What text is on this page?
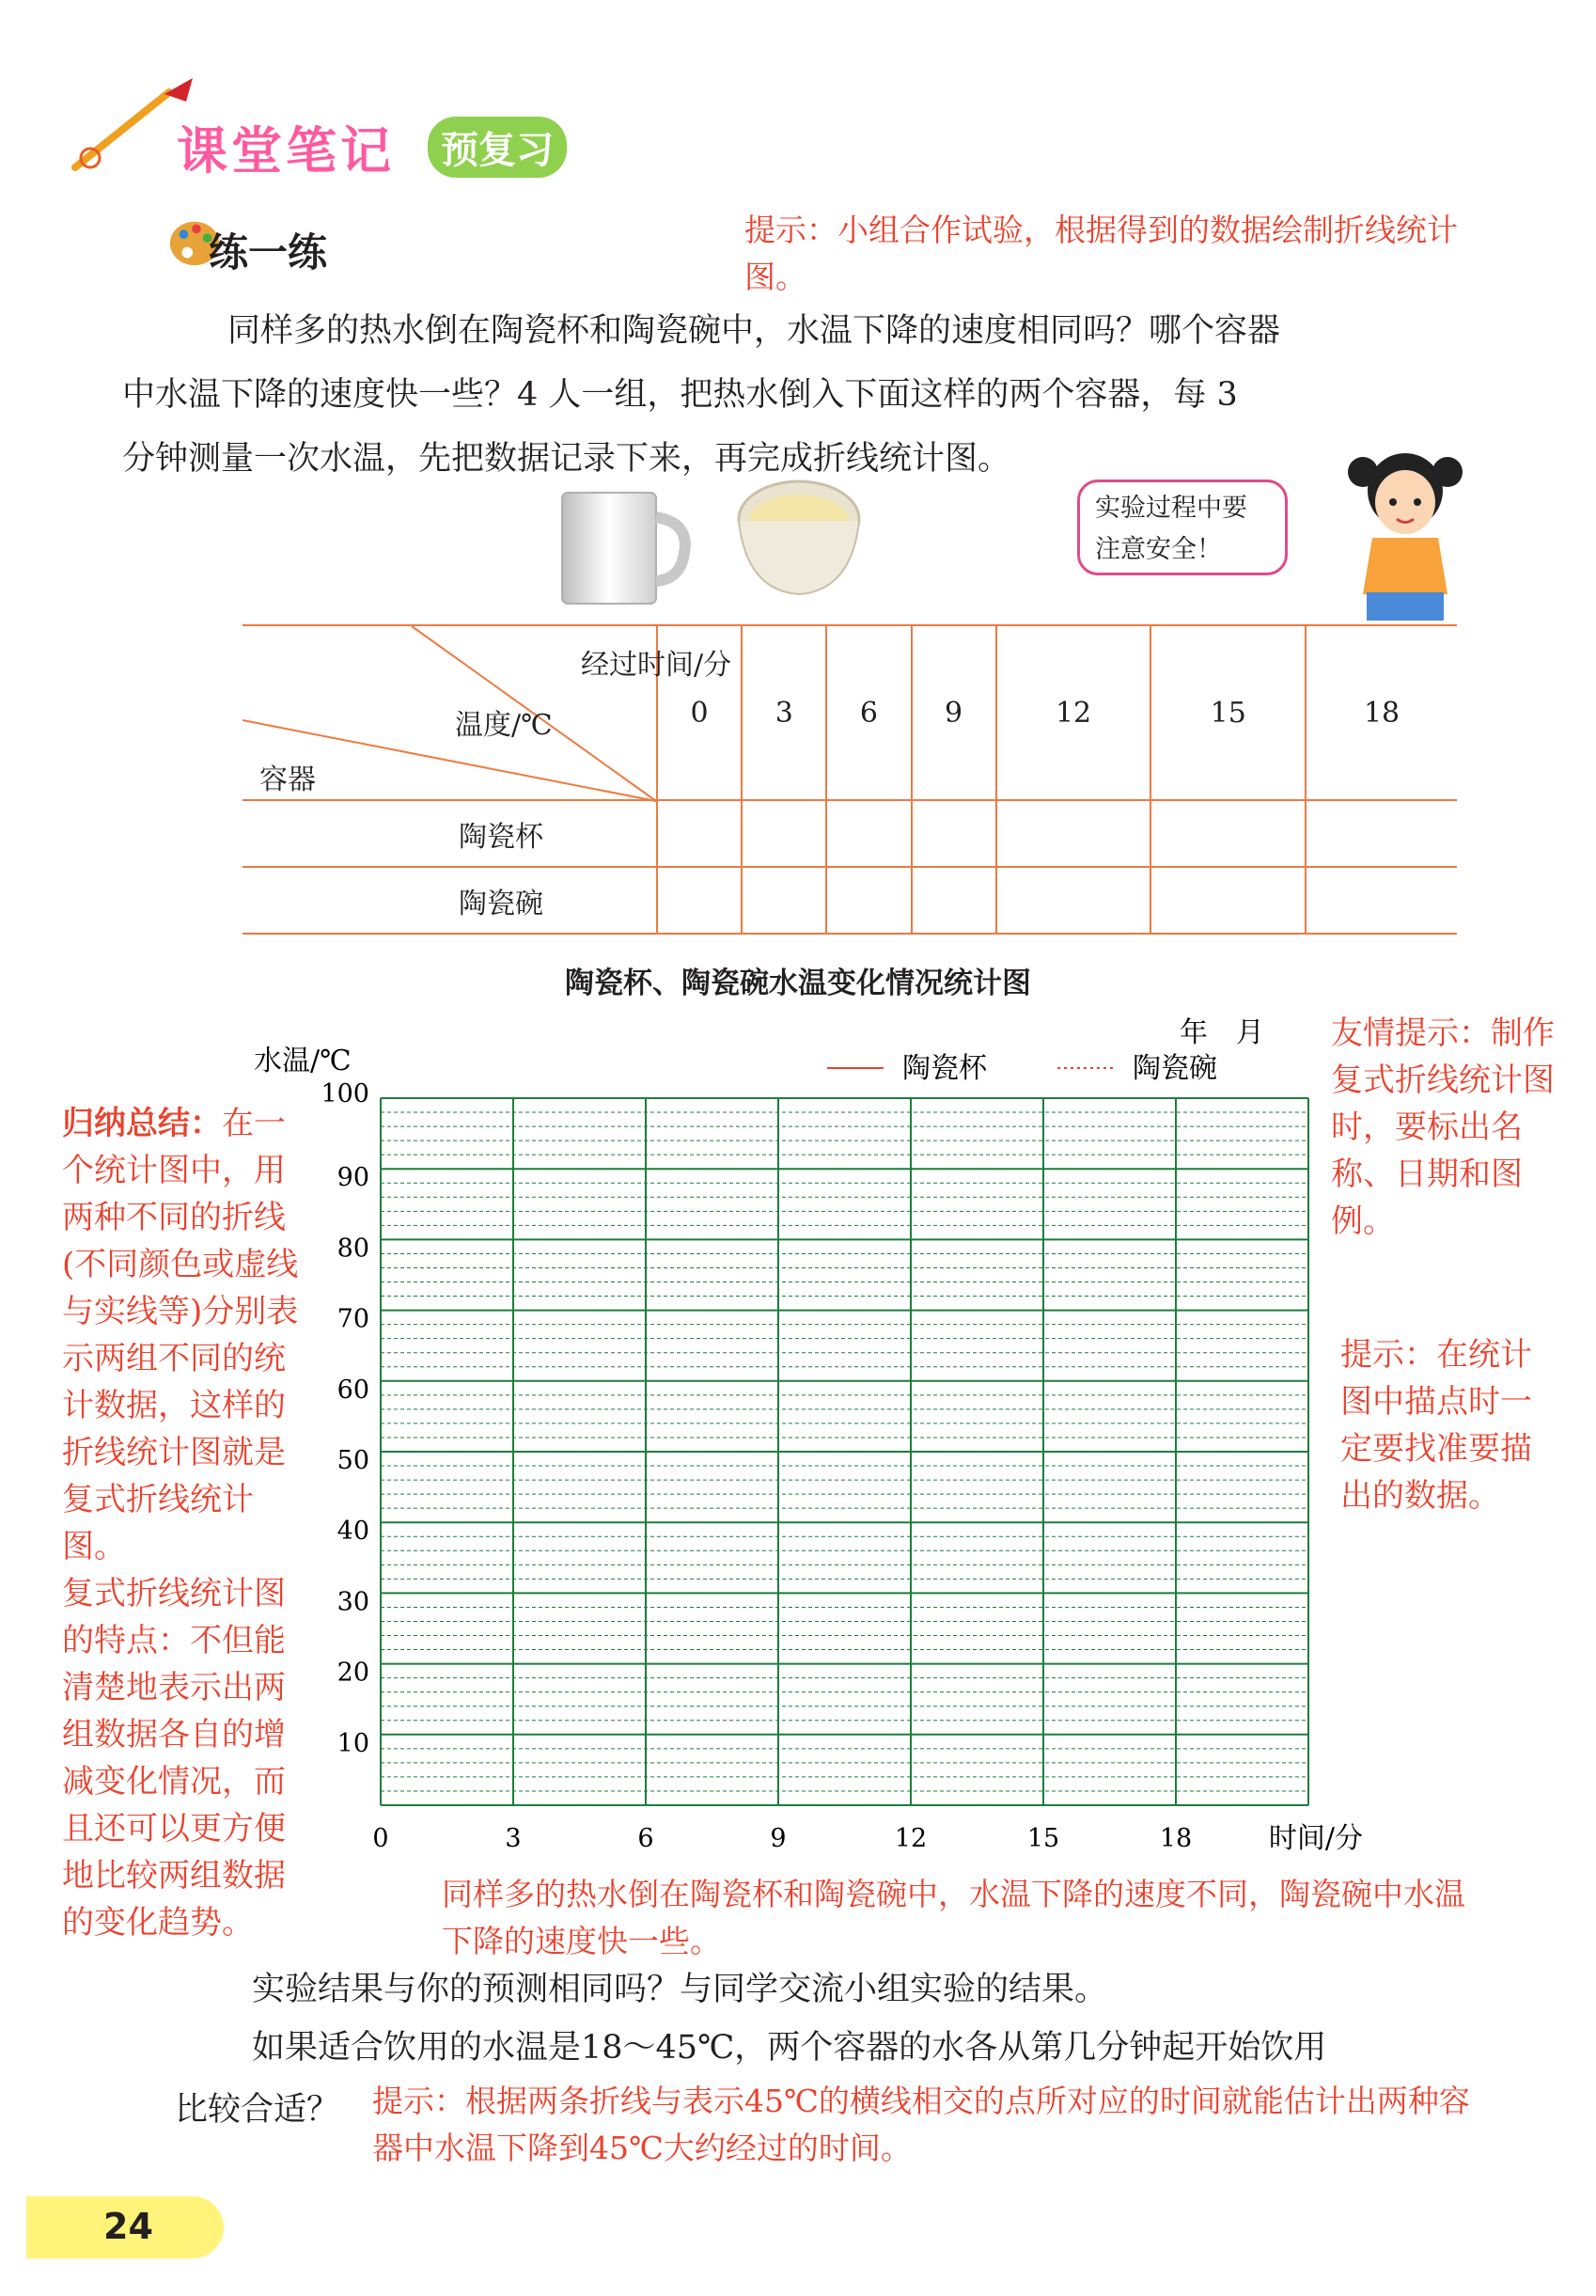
课堂笔记	预复习
练一练	提示：小组合作试验，根据得到的数据绘制折线统计图。

同样多的热水倒在陶瓷杯和陶瓷碗中，水温下降的速度相同吗？哪个容器

中水温下降的速度快一些？4 人一组，把热水倒入下面这样的两个容器，每 3

分钟测量一次水温，先把数据记录下来，再完成折线统计图。

实验过程中要
注意安全！
经过时间/分
温度/℃
容器	0	3	6	9	12	15	18
陶瓷杯							
陶瓷碗							
陶瓷杯、陶瓷碗水温变化情况统计图
年　月
水温/℃	陶瓷杯	陶瓷碗
100
90
80
70
60
50
40
30
20
10
0	3	6	9	12	15	18	时间/分
归纳总结：在一个统计图中，用两种不同的折线(不同颜色或虚线与实线等)分别表示两组不同的统计数据，这样的折线统计图就是复式折线统计图。
复式折线统计图的特点：不但能清楚地表示出两组数据各自的增减变化情况，而且还可以更方便地比较两组数据的变化趋势。
友情提示：制作复式折线统计图时，要标出名称、日期和图例。
提示：在统计图中描点时一定要找准要描出的数据。
同样多的热水倒在陶瓷杯和陶瓷碗中，水温下降的速度不同，陶瓷碗中水温下降的速度快一些。
实验结果与你的预测相同吗？与同学交流小组实验的结果。
如果适合饮用的水温是18～45℃，两个容器的水各从第几分钟起开始饮用
比较合适？ 提示：根据两条折线与表示45℃的横线相交的点所对应的时间就能估计出两种容器中水温下降到45℃大约经过的时间。
24
